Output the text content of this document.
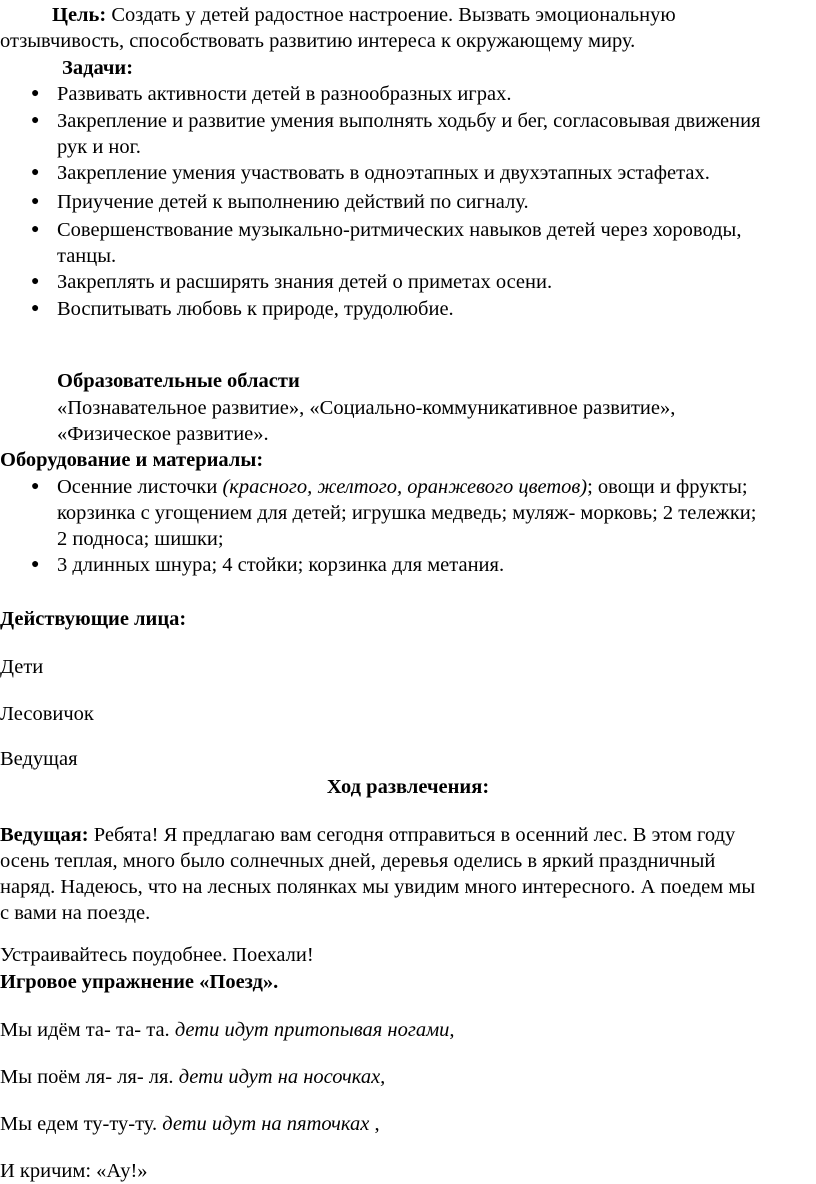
Цель: Создать у детей радостное настроение. Вызвать эмоциональную
отзывчивость, способствовать развитию интереса к окружающему миру.
Задачи:
● Развивать активности детей в разнообразных играх.
● Закрепление и развитие умения выполнять ходьбу и бег, согласовывая движения
рук и ног.
● Закрепление умения участвовать в одноэтапных и двухэтапных эстафетах.
● Приучение детей к выполнению действий по сигналу.
● Совершенствование музыкально-ритмических навыков детей через хороводы,
танцы.
● Закреплять и расширять знания детей о приметах осени.
● Воспитывать любовь к природе, трудолюбие.
Образовательные области
«Познавательное развитие», «Социально-коммуникативное развитие»,
«Физическое развитие».
Оборудование и материалы:
● Осенние листочки (красного, желтого, оранжевого цветов); овощи и фрукты;
корзинка с угощением для детей; игрушка медведь; муляж- морковь; 2 тележки;
2 подноса; шишки;
● 3 длинных шнура; 4 стойки; корзинка для метания.
Действующие лица:
Дети
Лесовичок
Ведущая
Ход развлечения:
Ведущая: Ребята! Я предлагаю вам сегодня отправиться в осенний лес. В этом году
осень теплая, много было солнечных дней, деревья оделись в яркий праздничный
наряд. Надеюсь, что на лесных полянках мы увидим много интересного. А поедем мы
с вами на поезде.
Устраивайтесь поудобнее. Поехали!
Игровое упражнение «Поезд».
Мы идём та- та- та. дети идут притопывая ногами,
Мы поём ля- ля- ля. дети идут на носочках,
Мы едем ту-ту-ту. дети идут на пяточках ,
И кричим: «Ау!»
